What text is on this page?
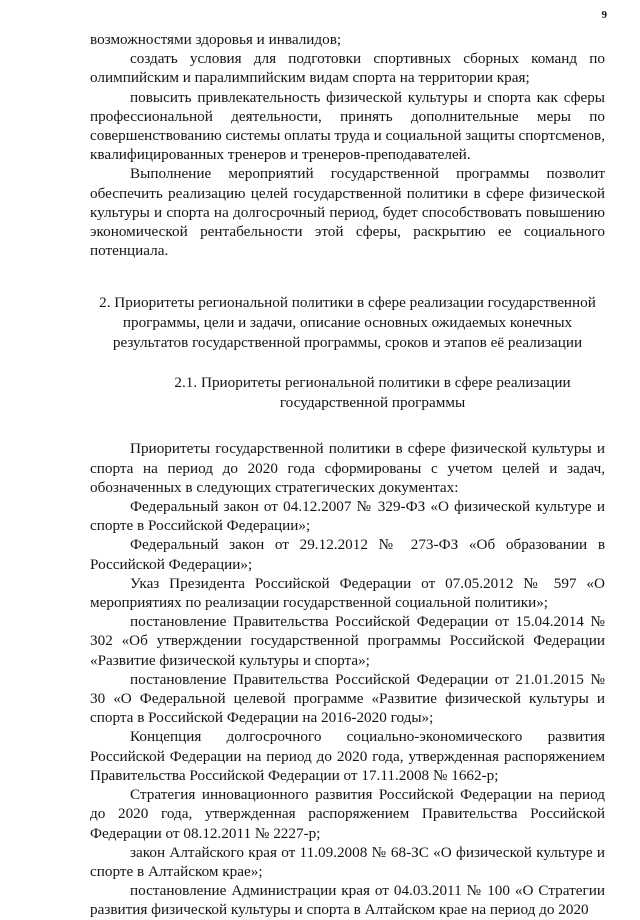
9

возможностями здоровья и инвалидов;

создать условия для подготовки спортивных сборных команд по олимпийским и паралимпийским видам спорта на территории края;

повысить привлекательность физической культуры и спорта как сферы профессиональной деятельности, принять дополнительные меры по совершенствованию системы оплаты труда и социальной защиты спортсменов, квалифицированных тренеров и тренеров-преподавателей.

Выполнение мероприятий государственной программы позволит обеспечить реализацию целей государственной политики в сфере физической культуры и спорта на долгосрочный период, будет способствовать повышению экономической рентабельности этой сферы, раскрытию ее социального потенциала.

2. Приоритеты региональной политики в сфере реализации государственной программы, цели и задачи, описание основных ожидаемых конечных результатов государственной программы, сроков и этапов её реализации

2.1. Приоритеты региональной политики в сфере реализации государственной программы

Приоритеты государственной политики в сфере физической культуры и спорта на период до 2020 года сформированы с учетом целей и задач, обозначенных в следующих стратегических документах:

Федеральный закон от 04.12.2007 № 329-ФЗ «О физической культуре и спорте в Российской Федерации»;

Федеральный закон от 29.12.2012 № 273-ФЗ «Об образовании в Российской Федерации»;

Указ Президента Российской Федерации от 07.05.2012 № 597 «О мероприятиях по реализации государственной социальной политики»;

постановление Правительства Российской Федерации от 15.04.2014 № 302 «Об утверждении государственной программы Российской Федерации «Развитие физической культуры и спорта»;

постановление Правительства Российской Федерации от 21.01.2015 № 30 «О Федеральной целевой программе «Развитие физической культуры и спорта в Российской Федерации на 2016-2020 годы»;

Концепция долгосрочного социально-экономического развития Российской Федерации на период до 2020 года, утвержденная распоряжением Правительства Российской Федерации от 17.11.2008 № 1662-р;

Стратегия инновационного развития Российской Федерации на период до 2020 года, утвержденная распоряжением Правительства Российской Федерации от 08.12.2011 № 2227-р;

закон Алтайского края от 11.09.2008 № 68-ЗС «О физической культуре и спорте в Алтайском крае»;

постановление Администрации края от 04.03.2011 № 100 «О Стратегии развития физической культуры и спорта в Алтайском крае на период до 2020
